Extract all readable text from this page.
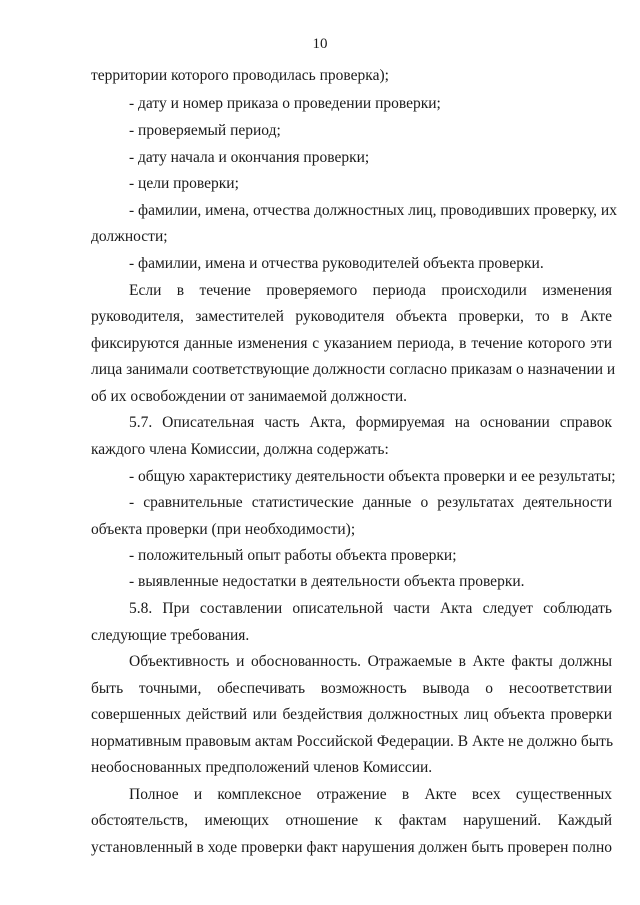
10
территории которого проводилась проверка);
- дату и номер приказа о проведении проверки;
- проверяемый период;
- дату начала и окончания проверки;
- цели проверки;
- фамилии, имена, отчества должностных лиц, проводивших проверку, их
должности;
- фамилии, имена и отчества руководителей объекта проверки.
Если в течение проверяемого периода происходили изменения
руководителя, заместителей руководителя объекта проверки, то в Акте
фиксируются данные изменения с указанием периода, в течение которого эти
лица занимали соответствующие должности согласно приказам о назначении и
об их освобождении от занимаемой должности.
5.7. Описательная часть Акта, формируемая на основании справок
каждого члена Комиссии, должна содержать:
- общую характеристику деятельности объекта проверки и ее результаты;
- сравнительные статистические данные о результатах деятельности
объекта проверки (при необходимости);
- положительный опыт работы объекта проверки;
- выявленные недостатки в деятельности объекта проверки.
5.8. При составлении описательной части Акта следует соблюдать
следующие требования.
Объективность и обоснованность. Отражаемые в Акте факты должны
быть точными, обеспечивать возможность вывода о несоответствии
совершенных действий или бездействия должностных лиц объекта проверки
нормативным правовым актам Российской Федерации. В Акте не должно быть
необоснованных предположений членов Комиссии.
Полное и комплексное отражение в Акте всех существенных
обстоятельств, имеющих отношение к фактам нарушений. Каждый
установленный в ходе проверки факт нарушения должен быть проверен полно
